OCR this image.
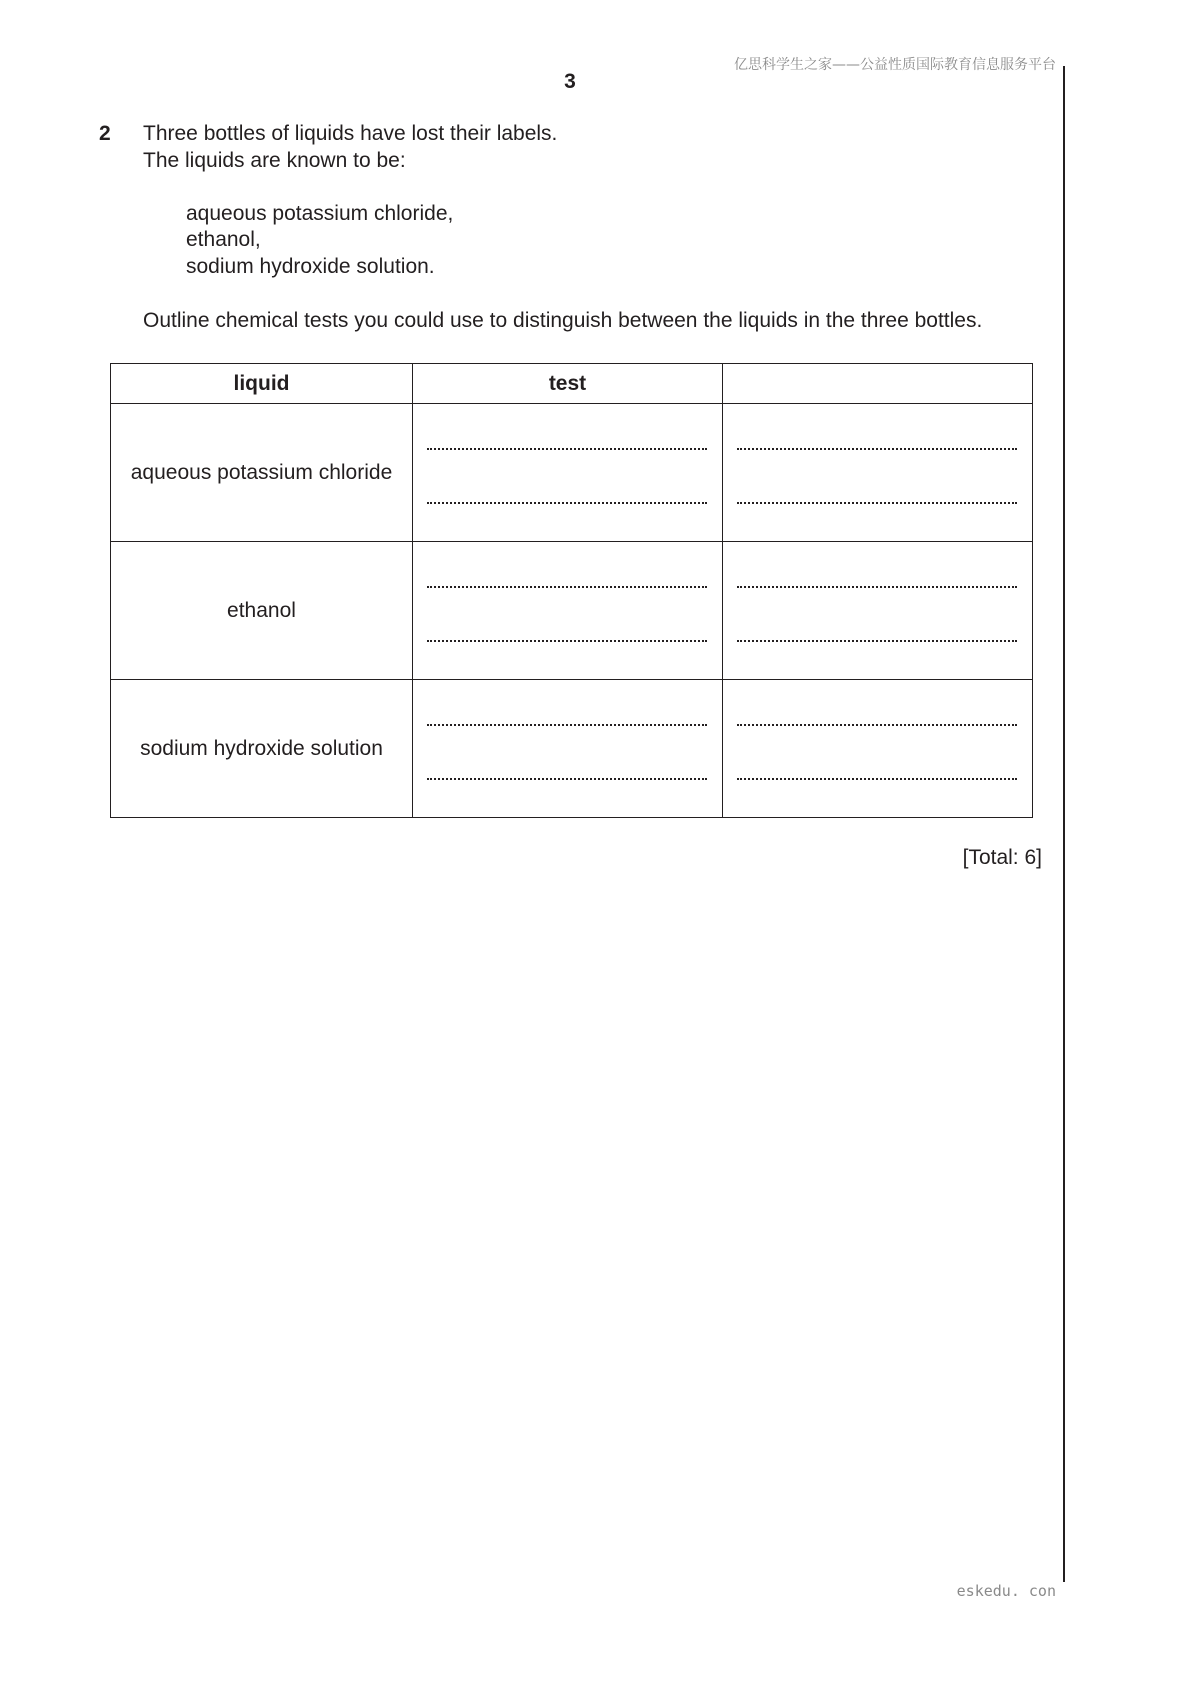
亿思科学生之家——公益性质国际教育信息服务平台
3
2 Three bottles of liquids have lost their labels.
The liquids are known to be:
aqueous potassium chloride,
ethanol,
sodium hydroxide solution.
Outline chemical tests you could use to distinguish between the liquids in the three bottles.
liquid	test	
aqueous potassium chloride	

ethanol	

sodium hydroxide solution	

[Total: 6]
eskedu. con
